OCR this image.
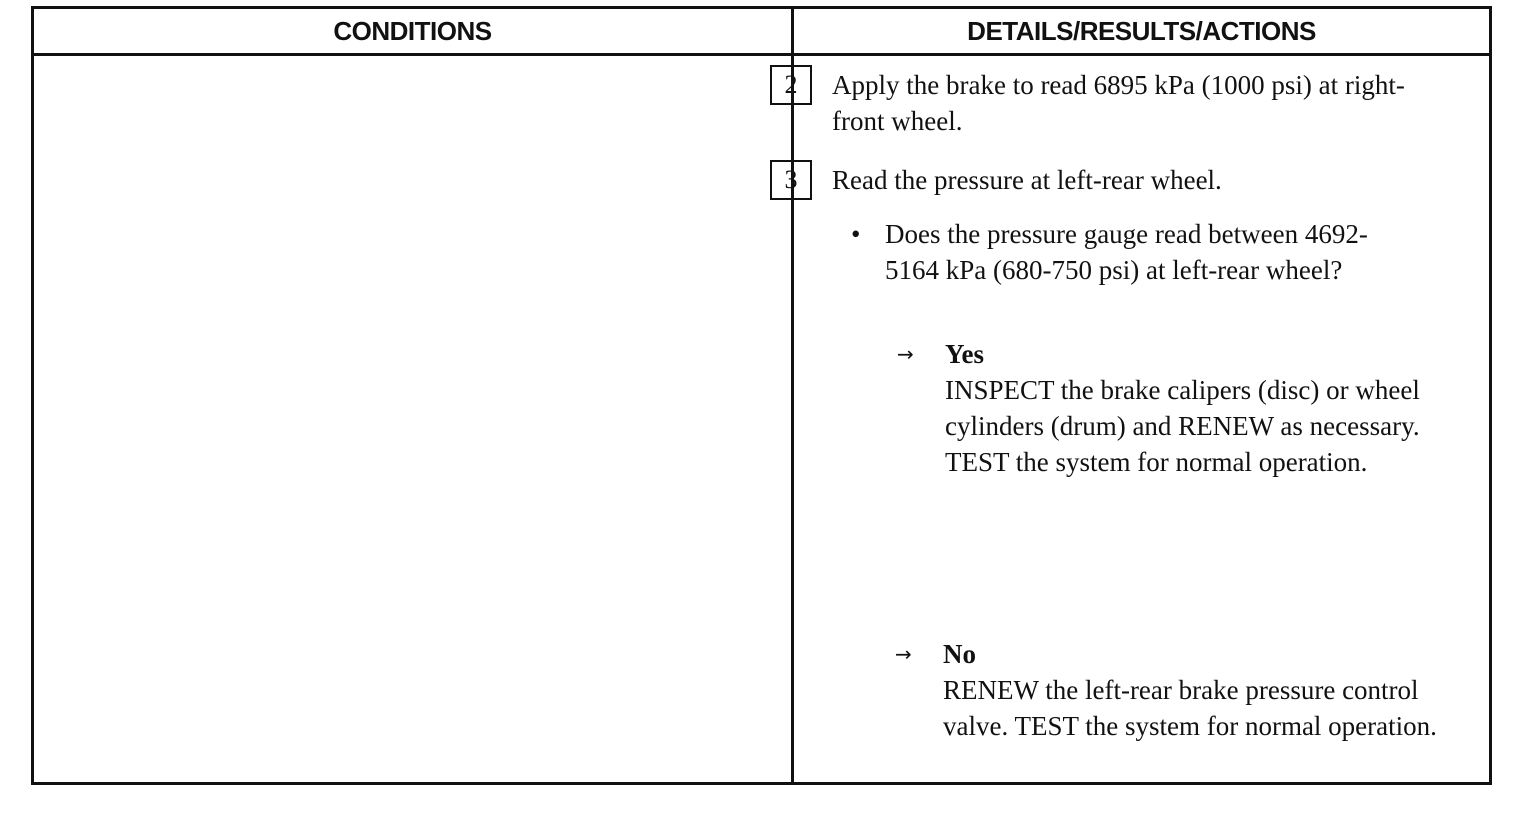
CONDITIONS	DETAILS/RESULTS/ACTIONS
2	Apply the brake to read 6895 kPa (1000 psi) at right-front wheel.
3	Read the pressure at left-rear wheel.
• Does the pressure gauge read between 4692-5164 kPa (680-750 psi) at left-rear wheel?
→ Yes
INSPECT the brake calipers (disc) or wheel cylinders (drum) and RENEW as necessary. TEST the system for normal operation.
→ No
RENEW the left-rear brake pressure control valve. TEST the system for normal operation.
